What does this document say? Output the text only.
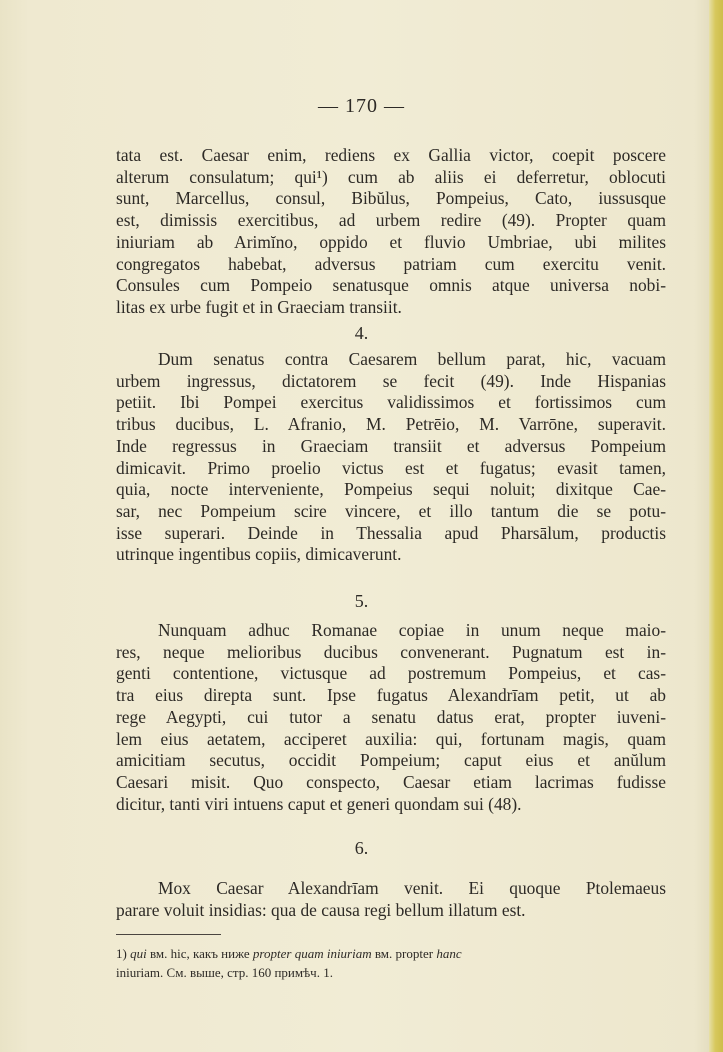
— 170 —
tata est. Caesar enim, rediens ex Gallia victor, coepit poscere
alterum consulatum; qui¹) cum ab aliis ei deferretur, oblocuti
sunt, Marcellus, consul, Bibŭlus, Pompeius, Cato, iussusque
est, dimissis exercitibus, ad urbem redire (49). Propter quam
iniuriam ab Arimĭno, oppido et fluvio Umbriae, ubi milites
congregatos habebat, adversus patriam cum exercitu venit.
Consules cum Pompeio senatusque omnis atque universa nobi-
litas ex urbe fugit et in Graeciam transiit.
4.
Dum senatus contra Caesarem bellum parat, hic, vacuam
urbem ingressus, dictatorem se fecit (49). Inde Hispanias
petiit. Ibi Pompei exercitus validissimos et fortissimos cum
tribus ducibus, L. Afranio, M. Petrēio, M. Varrōne, superavit.
Inde regressus in Graeciam transiit et adversus Pompeium
dimicavit. Primo proelio victus est et fugatus; evasit tamen,
quia, nocte interveniente, Pompeius sequi noluit; dixitque Cae-
sar, nec Pompeium scire vincere, et illo tantum die se potu-
isse superari. Deinde in Thessalia apud Pharsālum, productis
utrinque ingentibus copiis, dimicaverunt.
5.
Nunquam adhuc Romanae copiae in unum neque maio-
res, neque melioribus ducibus convenerant. Pugnatum est in-
genti contentione, victusque ad postremum Pompeius, et cas-
tra eius direpta sunt. Ipse fugatus Alexandrīam petit, ut ab
rege Aegypti, cui tutor a senatu datus erat, propter iuveni-
lem eius aetatem, acciperet auxilia: qui, fortunam magis, quam
amicitiam secutus, occidit Pompeium; caput eius et anŭlum
Caesari misit. Quo conspecto, Caesar etiam lacrimas fudisse
dicitur, tanti viri intuens caput et generi quondam sui (48).
6.
Mox Caesar Alexandrīam venit. Ei quoque Ptolemaeus
parare voluit insidias: qua de causa regi bellum illatum est.
1) qui вм. hic, какъ ниже propter quam iniuriam вм. propter hanc
iniuriam. См. выше, стр. 160 примѣч. 1.
